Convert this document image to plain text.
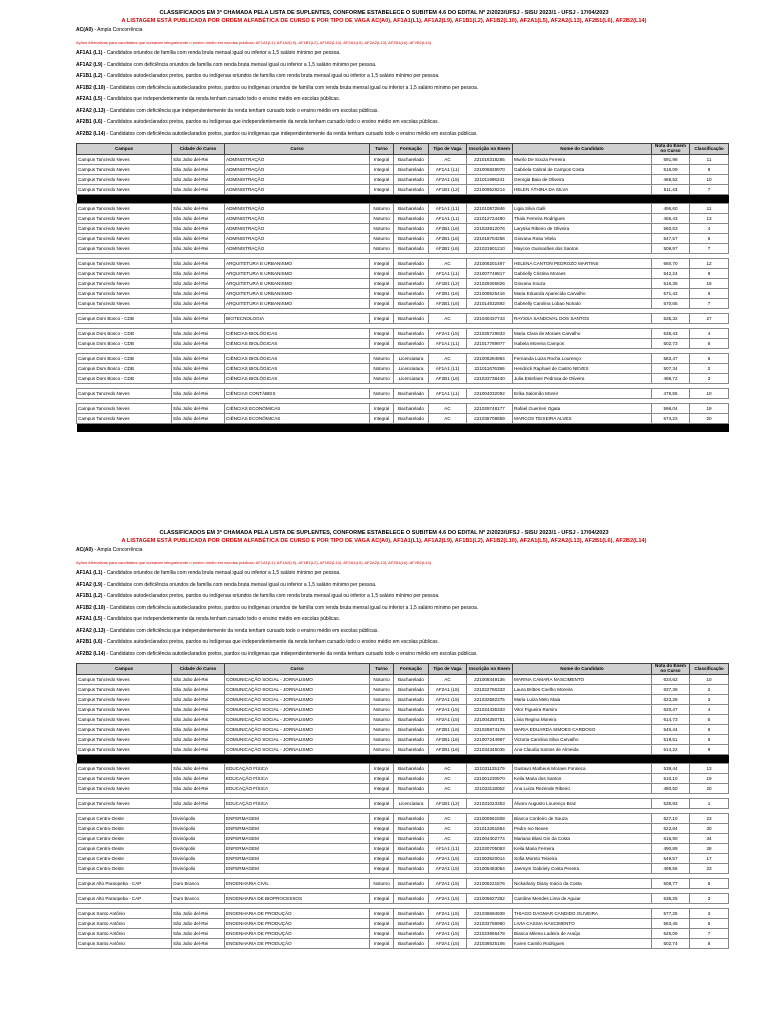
CLASSIFICADOS EM 3ª CHAMADA PELA LISTA DE SUPLENTES, CONFORME ESTABELECE O SUBITEM 4.6 DO EDITAL Nº 2/2023/UFSJ - SISU 2023/1 - UFSJ - 17/04/2023
A LISTAGEM ESTÁ PUBLICADA POR ORDEM ALFABÉTICA DE CURSO E POR TIPO DE VAGA AC(A0), AF1A1(L1), AF1A2(L9), AF1B1(L2), AF1B2(L10), AF2A1(L5), AF2A2(L13), AF2B1(L6), AF2B2(L14)
AC(A0) - Ampla Concorrência
Ações Afirmativas para candidatos que cursaram integralmente o ensino médio em escolas públicas: AF1A1(L1), AF1A2(L9), AF1B1(L2), AF1B2(L10), AF2A1(L5), AF2A2(L13), AF2B1(L6), AF2B2(L14)
AF1A1 (L1) - Candidatos oriundos de família com renda bruta mensal igual ou inferior a 1,5 salário mínimo per pessoa.
AF1A2 (L9) - Candidatos com deficiência oriundos de família com renda bruta mensal igual ou inferior a 1,5 salário mínimo per pessoa.
AF1B1 (L2) - Candidatos autodeclarados pretos, pardos ou indígenas oriundos de família com renda bruta mensal igual ou inferior a 1,5 salário mínimo per pessoa.
AF1B2 (L10) - Candidatos com deficiência autodeclarados pretos, pardos ou indígenas oriundos de família com renda bruta mensal igual ou inferior a 1,5 salário mínimo per pessoa.
AF2A1 (L5) - Candidatos que independentemente da renda tenham cursado todo o ensino médio em escolas públicas.
AF2A2 (L13) - Candidatos com deficiência que independentemente da renda tenham cursado todo o ensino médio em escolas públicas.
AF2B1 (L6) - Candidatos autodeclarados pretos, pardos ou indígenas que independentemente da renda tenham cursado todo o ensino médio em escolas públicas.
AF2B2 (L14) - Candidatos com deficiência autodeclarados pretos, pardos ou indígenas que independentemente da renda tenham cursado todo o ensino médio em escolas públicas.
Campus	Cidade do Curso	Curso	Turno	Formação	Tipo de Vaga	Inscrição no Enem	Nome do Candidato	Nota do Enem no Curso	Classificação
Campus Tancredo Neves	São João del-Rei	ADMINISTRAÇÃO	Integral	Bacharelado	AC	221016318265	Murilo De Souza Ferreira	591,98	11
Campus Tancredo Neves	São João del-Rei	ADMINISTRAÇÃO	Integral	Bacharelado	AF1A1 (L1)	221006828970	Gabriela Cabral de Campos Costa	516,09	9
Campus Tancredo Neves	São João del-Rei	ADMINISTRAÇÃO	Integral	Bacharelado	AF2A1 (L5)	221011996241	Georgia Baia de Oliveira	468,52	10
Campus Tancredo Neves	São João del-Rei	ADMINISTRAÇÃO	Integral	Bacharelado	AF1B1 (L2)	221009528214	HELEN ÁTHINA DA SILVA	511,43	7

Campus Tancredo Neves	São João del-Rei	ADMINISTRAÇÃO	Noturno	Bacharelado	AF1A1 (L1)	221010872846	Ligia Silva Galli	496,60	11
Campus Tancredo Neves	São João del-Rei	ADMINISTRAÇÃO	Noturno	Bacharelado	AF1A1 (L1)	221012724490	Thais Ferreira Rodrigues	456,43	13
Campus Tancredo Neves	São João del-Rei	ADMINISTRAÇÃO	Noturno	Bacharelado	AF2B1 (L6)	221033812076	Laryssa Ribeiro de Oliveira	560,53	4
Campus Tancredo Neves	São João del-Rei	ADMINISTRAÇÃO	Noturno	Bacharelado	AF2B1 (L6)	221018704256	Giovana Rosa Vitela	547,57	5
Campus Tancredo Neves	São João del-Rei	ADMINISTRAÇÃO	Noturno	Bacharelado	AF2B1 (L6)	221031901210	Maycon Guimarães dos Santos	509,97	7

Campus Tancredo Neves	São João del-Rei	ARQUITETURA E URBANISMO	Integral	Bacharelado	AC	221006201497	HELENA CANTON PEDROZO MARTINS	660,70	12
Campus Tancredo Neves	São João del-Rei	ARQUITETURA E URBANISMO	Integral	Bacharelado	AF1A1 (L1)	221007749817	Gabrielly Cristina Moraes	542,24	9
Campus Tancredo Neves	São João del-Rei	ARQUITETURA E URBANISMO	Integral	Bacharelado	AF1B1 (L2)	221029265826	Giovana Souza	516,35	18
Campus Tancredo Neves	São João del-Rei	ARQUITETURA E URBANISMO	Integral	Bacharelado	AF2B1 (L6)	221008625416	Maria Eduarda Aparecida Carvalho	571,42	6
Campus Tancredo Neves	São João del-Rei	ARQUITETURA E URBANISMO	Integral	Bacharelado	AF2B1 (L6)	221014632592	Gabrielly Carolina Lobao Nonato	570,65	7

Campus Dom Bosco - CDB	São João del-Rei	BIOTECNOLOGIA	Integral	Bacharelado	AC	221040437743	RAYSSA SANDOVAL DOS SANTOS	535,32	27

Campus Dom Bosco - CDB	São João del-Rei	CIÊNCIAS BIOLÓGICAS	Integral	Bacharelado	AF2A1 (L5)	221025729833	Maria Clara de Moraes Carvalho	535,43	4
Campus Dom Bosco - CDB	São João del-Rei	CIÊNCIAS BIOLÓGICAS	Integral	Bacharelado	AF1A1 (L1)	221017789977	Isabela Moreira Campos	502,73	6

Campus Dom Bosco - CDB	São João del-Rei	CIÊNCIAS BIOLÓGICAS	Noturno	Licenciatura	AC	221006284964	Fernanda Luiza Rocha Lourenço	583,47	5
Campus Dom Bosco - CDB	São João del-Rei	CIÊNCIAS BIOLÓGICAS	Noturno	Licenciatura	AF1A1 (L1)	221011676396	Hendrick Raphael de Castro NEVES	507,34	2
Campus Dom Bosco - CDB	São João del-Rei	CIÊNCIAS BIOLÓGICAS	Noturno	Licenciatura	AF2B1 (L6)	221033738440	Julia Estefane Pedrosa de Oliveira	498,72	3

Campus Tancredo Neves	São João del-Rei	CIÊNCIAS CONTÁBEIS	Noturno	Bacharelado	AF1A1 (L1)	221004032092	Erika Salomão Moreir	478,55	10

Campus Tancredo Neves	São João del-Rei	CIÊNCIAS ECONÔMICAS	Integral	Bacharelado	AC	221029748177	Rafael Guerrieri Ogata	596,04	19
Campus Tancredo Neves	São João del-Rei	CIÊNCIAS ECONÔMICAS	Integral	Bacharelado	AC	221038708659	MARCOS TEIXEIRA ALVES	574,23	20

CLASSIFICADOS EM 3ª CHAMADA PELA LISTA DE SUPLENTES, CONFORME ESTABELECE O SUBITEM 4.6 DO EDITAL Nº 2/2023/UFSJ - SISU 2023/1 - UFSJ - 17/04/2023
A LISTAGEM ESTÁ PUBLICADA POR ORDEM ALFABÉTICA DE CURSO E POR TIPO DE VAGA AC(A0), AF1A1(L1), AF1A2(L9), AF1B1(L2), AF1B2(L10), AF2A1(L5), AF2A2(L13), AF2B1(L6), AF2B2(L14)
AC(A0) - Ampla Concorrência
Ações Afirmativas para candidatos que cursaram integralmente o ensino médio em escolas públicas: AF1A1(L1), AF1A2(L9), AF1B1(L2), AF1B2(L10), AF2A1(L5), AF2A2(L13), AF2B1(L6), AF2B2(L14)
AF1A1 (L1) - Candidatos oriundos de família com renda bruta mensal igual ou inferior a 1,5 salário mínimo per pessoa.
AF1A2 (L9) - Candidatos com deficiência oriundos de família com renda bruta mensal igual ou inferior a 1,5 salário mínimo per pessoa.
AF1B1 (L2) - Candidatos autodeclarados pretos, pardos ou indígenas oriundos de família com renda bruta mensal igual ou inferior a 1,5 salário mínimo per pessoa.
AF1B2 (L10) - Candidatos com deficiência autodeclarados pretos, pardos ou indígenas oriundos de família com renda bruta mensal igual ou inferior a 1,5 salário mínimo per pessoa.
AF2A1 (L5) - Candidatos que independentemente da renda tenham cursado todo o ensino médio em escolas públicas.
AF2A2 (L13) - Candidatos com deficiência que independentemente da renda tenham cursado todo o ensino médio em escolas públicas.
AF2B1 (L6) - Candidatos autodeclarados pretos, pardos ou indígenas que independentemente da renda tenham cursado todo o ensino médio em escolas públicas.
AF2B2 (L14) - Candidatos com deficiência autodeclarados pretos, pardos ou indígenas que independentemente da renda tenham cursado todo o ensino médio em escolas públicas.
Campus	Cidade do Curso	Curso	Turno	Formação	Tipo de Vaga	Inscrição no Enem	Nome do Candidato	Nota do Enem no Curso	Classificação
Campus Tancredo Neves	São João del-Rei	COMUNICAÇÃO SOCIAL - JORNALISMO	Noturno	Bacharelado	AC	221008449136	MARINA CAMARA NASCIMENTO	634,62	10
Campus Tancredo Neves	São João del-Rei	COMUNICAÇÃO SOCIAL - JORNALISMO	Noturno	Bacharelado	AF2A1 (L5)	221022786333	Laura Brittes Coelho Moreira	637,36	2
Campus Tancredo Neves	São João del-Rei	COMUNICAÇÃO SOCIAL - JORNALISMO	Noturno	Bacharelado	AF2A1 (L5)	221032582375	Maria Luiza Melo Maia	623,28	3
Campus Tancredo Neves	São João del-Rei	COMUNICAÇÃO SOCIAL - JORNALISMO	Noturno	Bacharelado	AF2A1 (L5)	221024435333	Vitor Figueira Ramiro	620,47	4
Campus Tancredo Neves	São João del-Rei	COMUNICAÇÃO SOCIAL - JORNALISMO	Noturno	Bacharelado	AF2A1 (L5)	221004250751	Lívia Regina Moreira	614,73	5
Campus Tancredo Neves	São João del-Rei	COMUNICAÇÃO SOCIAL - JORNALISMO	Noturno	Bacharelado	AF2B1 (L6)	221026874176	MARIA EDUARDA SIMOES CARDOSO	546,44	6
Campus Tancredo Neves	São João del-Rei	COMUNICAÇÃO SOCIAL - JORNALISMO	Noturno	Bacharelado	AF2B1 (L6)	221007244967	Victoria Carolina Silva Carvalho	519,51	8
Campus Tancredo Neves	São João del-Rei	COMUNICAÇÃO SOCIAL - JORNALISMO	Noturno	Bacharelado	AF2B1 (L6)	221034345035	Ana Claudia Santos de Almeida	514,22	9

Campus Tancredo Neves	São João del-Rei	EDUCAÇÃO FÍSICA	Integral	Bacharelado	AC	221031125179	Gustavo Matheus Moraes Fonseca	539,44	13
Campus Tancredo Neves	São João del-Rei	EDUCAÇÃO FÍSICA	Integral	Bacharelado	AC	221001230970	Keila Maria dos Santos	510,10	19
Campus Tancredo Neves	São João del-Rei	EDUCAÇÃO FÍSICA	Integral	Bacharelado	AC	221033118052	Ana Luiza Rezende Ribeiro	480,50	20

Campus Tancredo Neves	São João del-Rei	EDUCAÇÃO FÍSICA	Integral	Licenciatura	AF1B1 (L2)	221031023353	Álvaro Augusto Lourenço Braz	535,93	1

Campus Centro-Oeste	Divinópolis	ENFERMAGEM	Integral	Bacharelado	AC	221000561508	Bianca Cordeiro de Souza	627,10	23
Campus Centro-Oeste	Divinópolis	ENFERMAGEM	Integral	Bacharelado	AC	221013261854	Pedro Ivo Neves	622,84	30
Campus Centro-Oeste	Divinópolis	ENFERMAGEM	Integral	Bacharelado	AC	221004402774	Mariana Blasi Gin da Costa	616,90	34
Campus Centro-Oeste	Divinópolis	ENFERMAGEM	Integral	Bacharelado	AF1A1 (L1)	221020705093	Keila Maria Ferreira	490,89	28
Campus Centro-Oeste	Divinópolis	ENFERMAGEM	Integral	Bacharelado	AF2A1 (L5)	221003520014	Sofia Moreto Teixeira	549,57	17
Campus Centro-Oeste	Divinópolis	ENFERMAGEM	Integral	Bacharelado	AF2A1 (L5)	221005483054	Jaemym Gabriely Costa Pereira	499,56	23

Campus Alto Paraopeba - CAP	Ouro Branco	ENGENHARIA CIVIL	Noturno	Bacharelado	AF2A1 (L5)	221006221576	Nickarlany Diany Inácio da Costa	508,77	5

Campus Alto Paraopeba - CAP	Ouro Branco	ENGENHARIA DE BIOPROCESSOS	Integral	Bacharelado	AF2A1 (L5)	221006627362	Caroline Mendes Lima de Aguiar	536,25	3

Campus Santo Antônio	São João del-Rei	ENGENHARIA DE PRODUÇÃO	Integral	Bacharelado	AF2A1 (L5)	221036694939	THIAGO DAGMAR CANDIDO OLIVEIRA	577,25	3
Campus Santo Antônio	São João del-Rei	ENGENHARIA DE PRODUÇÃO	Integral	Bacharelado	AF2A1 (L5)	221033758980	LIVIA CASSIA NASCIMENTO	563,45	5
Campus Santo Antônio	São João del-Rei	ENGENHARIA DE PRODUÇÃO	Integral	Bacharelado	AF2A1 (L5)	221023866478	Bianca Milena Ladeira de Araújo	526,09	7
Campus Santo Antônio	São João del-Rei	ENGENHARIA DE PRODUÇÃO	Integral	Bacharelado	AF2A1 (L5)	221036625106	Karen Camilo Rodrigues	502,74	8
